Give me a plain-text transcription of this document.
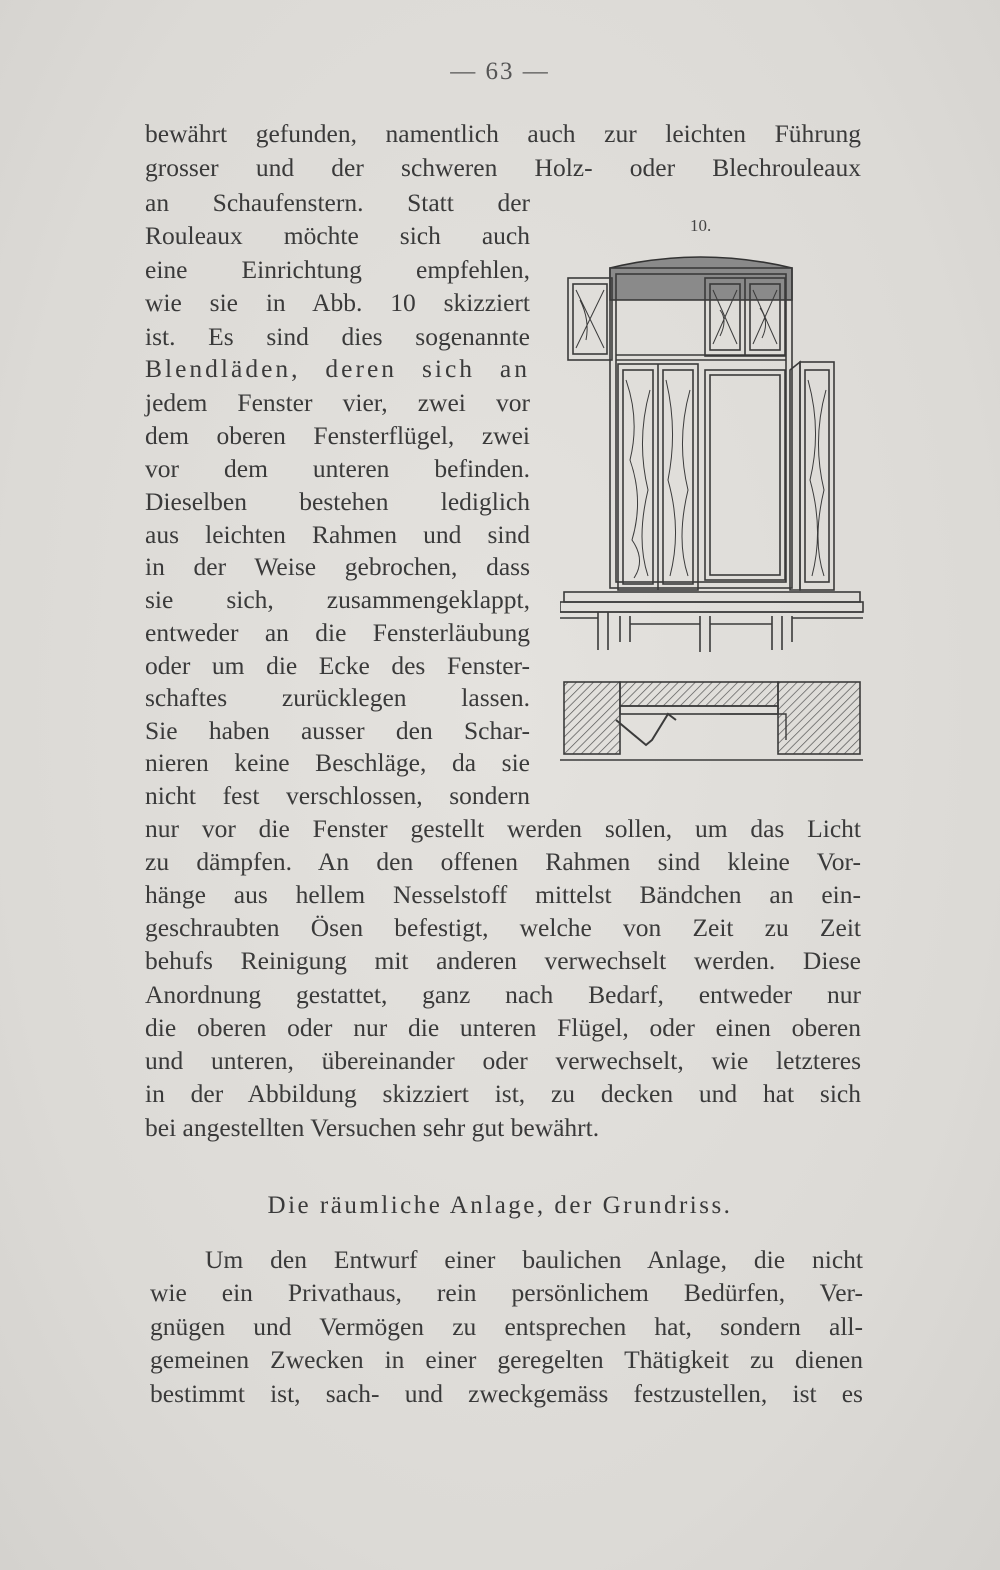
— 63 —
bewährt gefunden, namentlich auch zur leichten Führung
grosser und der schweren Holz- oder Blechrouleaux
an Schaufenstern. Statt der
Rouleaux möchte sich auch
eine Einrichtung empfehlen,
wie sie in Abb. 10 skizziert
ist. Es sind dies sogenannte
Blendläden, deren sich an
jedem Fenster vier, zwei vor
dem oberen Fensterflügel, zwei
vor dem unteren befinden.
Dieselben bestehen lediglich
aus leichten Rahmen und sind
in der Weise gebrochen, dass
sie sich, zusammengeklappt,
entweder an die Fensterläubung
oder um die Ecke des Fenster-
schaftes zurücklegen lassen.
Sie haben ausser den Schar-
nieren keine Beschläge, da sie
nicht fest verschlossen, sondern
nur vor die Fenster gestellt werden sollen, um das Licht
zu dämpfen. An den offenen Rahmen sind kleine Vor-
hänge aus hellem Nesselstoff mittelst Bändchen an ein-
geschraubten Ösen befestigt, welche von Zeit zu Zeit
behufs Reinigung mit anderen verwechselt werden. Diese
Anordnung gestattet, ganz nach Bedarf, entweder nur
die oberen oder nur die unteren Flügel, oder einen oberen
und unteren, übereinander oder verwechselt, wie letzteres
in der Abbildung skizziert ist, zu decken und hat sich
bei angestellten Versuchen sehr gut bewährt.
10.
Die räumliche Anlage, der Grundriss.
Um den Entwurf einer baulichen Anlage, die nicht
wie ein Privathaus, rein persönlichem Bedürfen, Ver-
gnügen und Vermögen zu entsprechen hat, sondern all-
gemeinen Zwecken in einer geregelten Thätigkeit zu dienen
bestimmt ist, sach- und zweckgemäss festzustellen, ist es
